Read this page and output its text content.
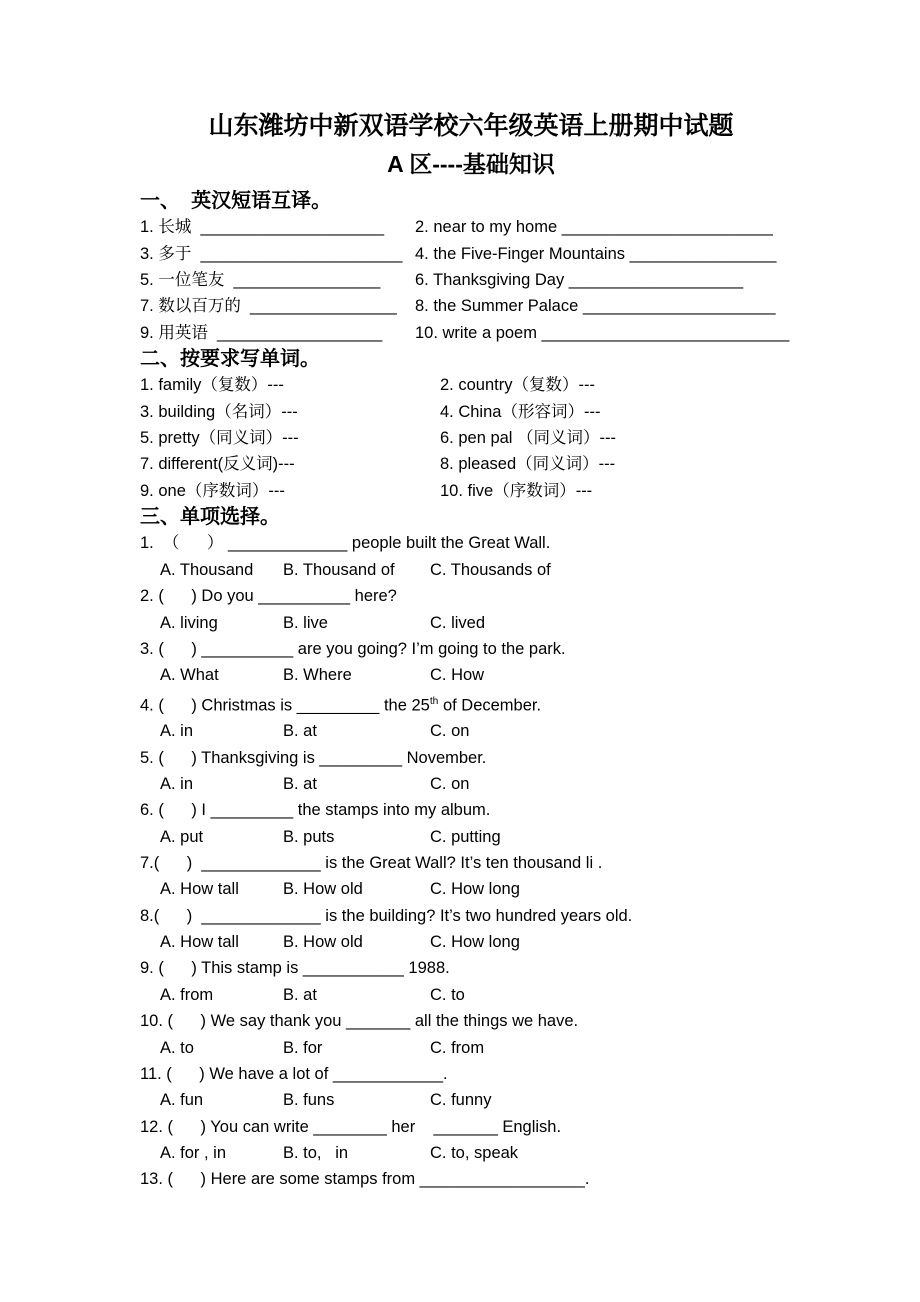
山东潍坊中新双语学校六年级英语上册期中试题
A 区----基础知识
一、  英汉短语互译。
1. 长城  ____________________	2. near to my home _______________________
3. 多于  ______________________ 4. the Five-Finger Mountains ________________
5. 一位笔友  ________________	6. Thanksgiving Day ___________________
7. 数以百万的  ________________	8. the Summer Palace _____________________
9. 用英语  __________________	10. write a poem ___________________________
二、按要求写单词。
1. family（复数）---	2. country（复数）---
3. building（名词）---	4. China（形容词）---
5. pretty（同义词）---	6. pen pal （同义词）---
7. different(反义词)---	8. pleased（同义词）---
9. one（序数词）---	10. five（序数词）---
三、单项选择。
1.  （      ） _____________ people built the Great Wall.
A. Thousand	B. Thousand of	C. Thousands of
2. (      ) Do you __________ here?
A. living	B. live	C. lived
3. (      ) __________ are you going? I’m going to the park.
A. What	B. Where	C. How
4. (      ) Christmas is _________ the 25th of December.
A. in	B. at	C. on
5. (      ) Thanksgiving is _________ November.
A. in	B. at	C. on
6. (      ) I _________ the stamps into my album.
A. put	B. puts	C. putting
7.(      )  _____________ is the Great Wall? It’s ten thousand li .
A. How tall	B. How old	C. How long
8.(      )  _____________ is the building? It’s two hundred years old.
A. How tall	B. How old	C. How long
9. (      ) This stamp is ___________ 1988.
A. from	B. at	C. to
10. (      ) We say thank you _______ all the things we have.
A. to	B. for	C. from
11. (      ) We have a lot of ____________.
A. fun	B. funs	C. funny
12. (      ) You can write ________ her    _______ English.
A. for , in	B. to,   in	C. to, speak
13. (      ) Here are some stamps from __________________.
